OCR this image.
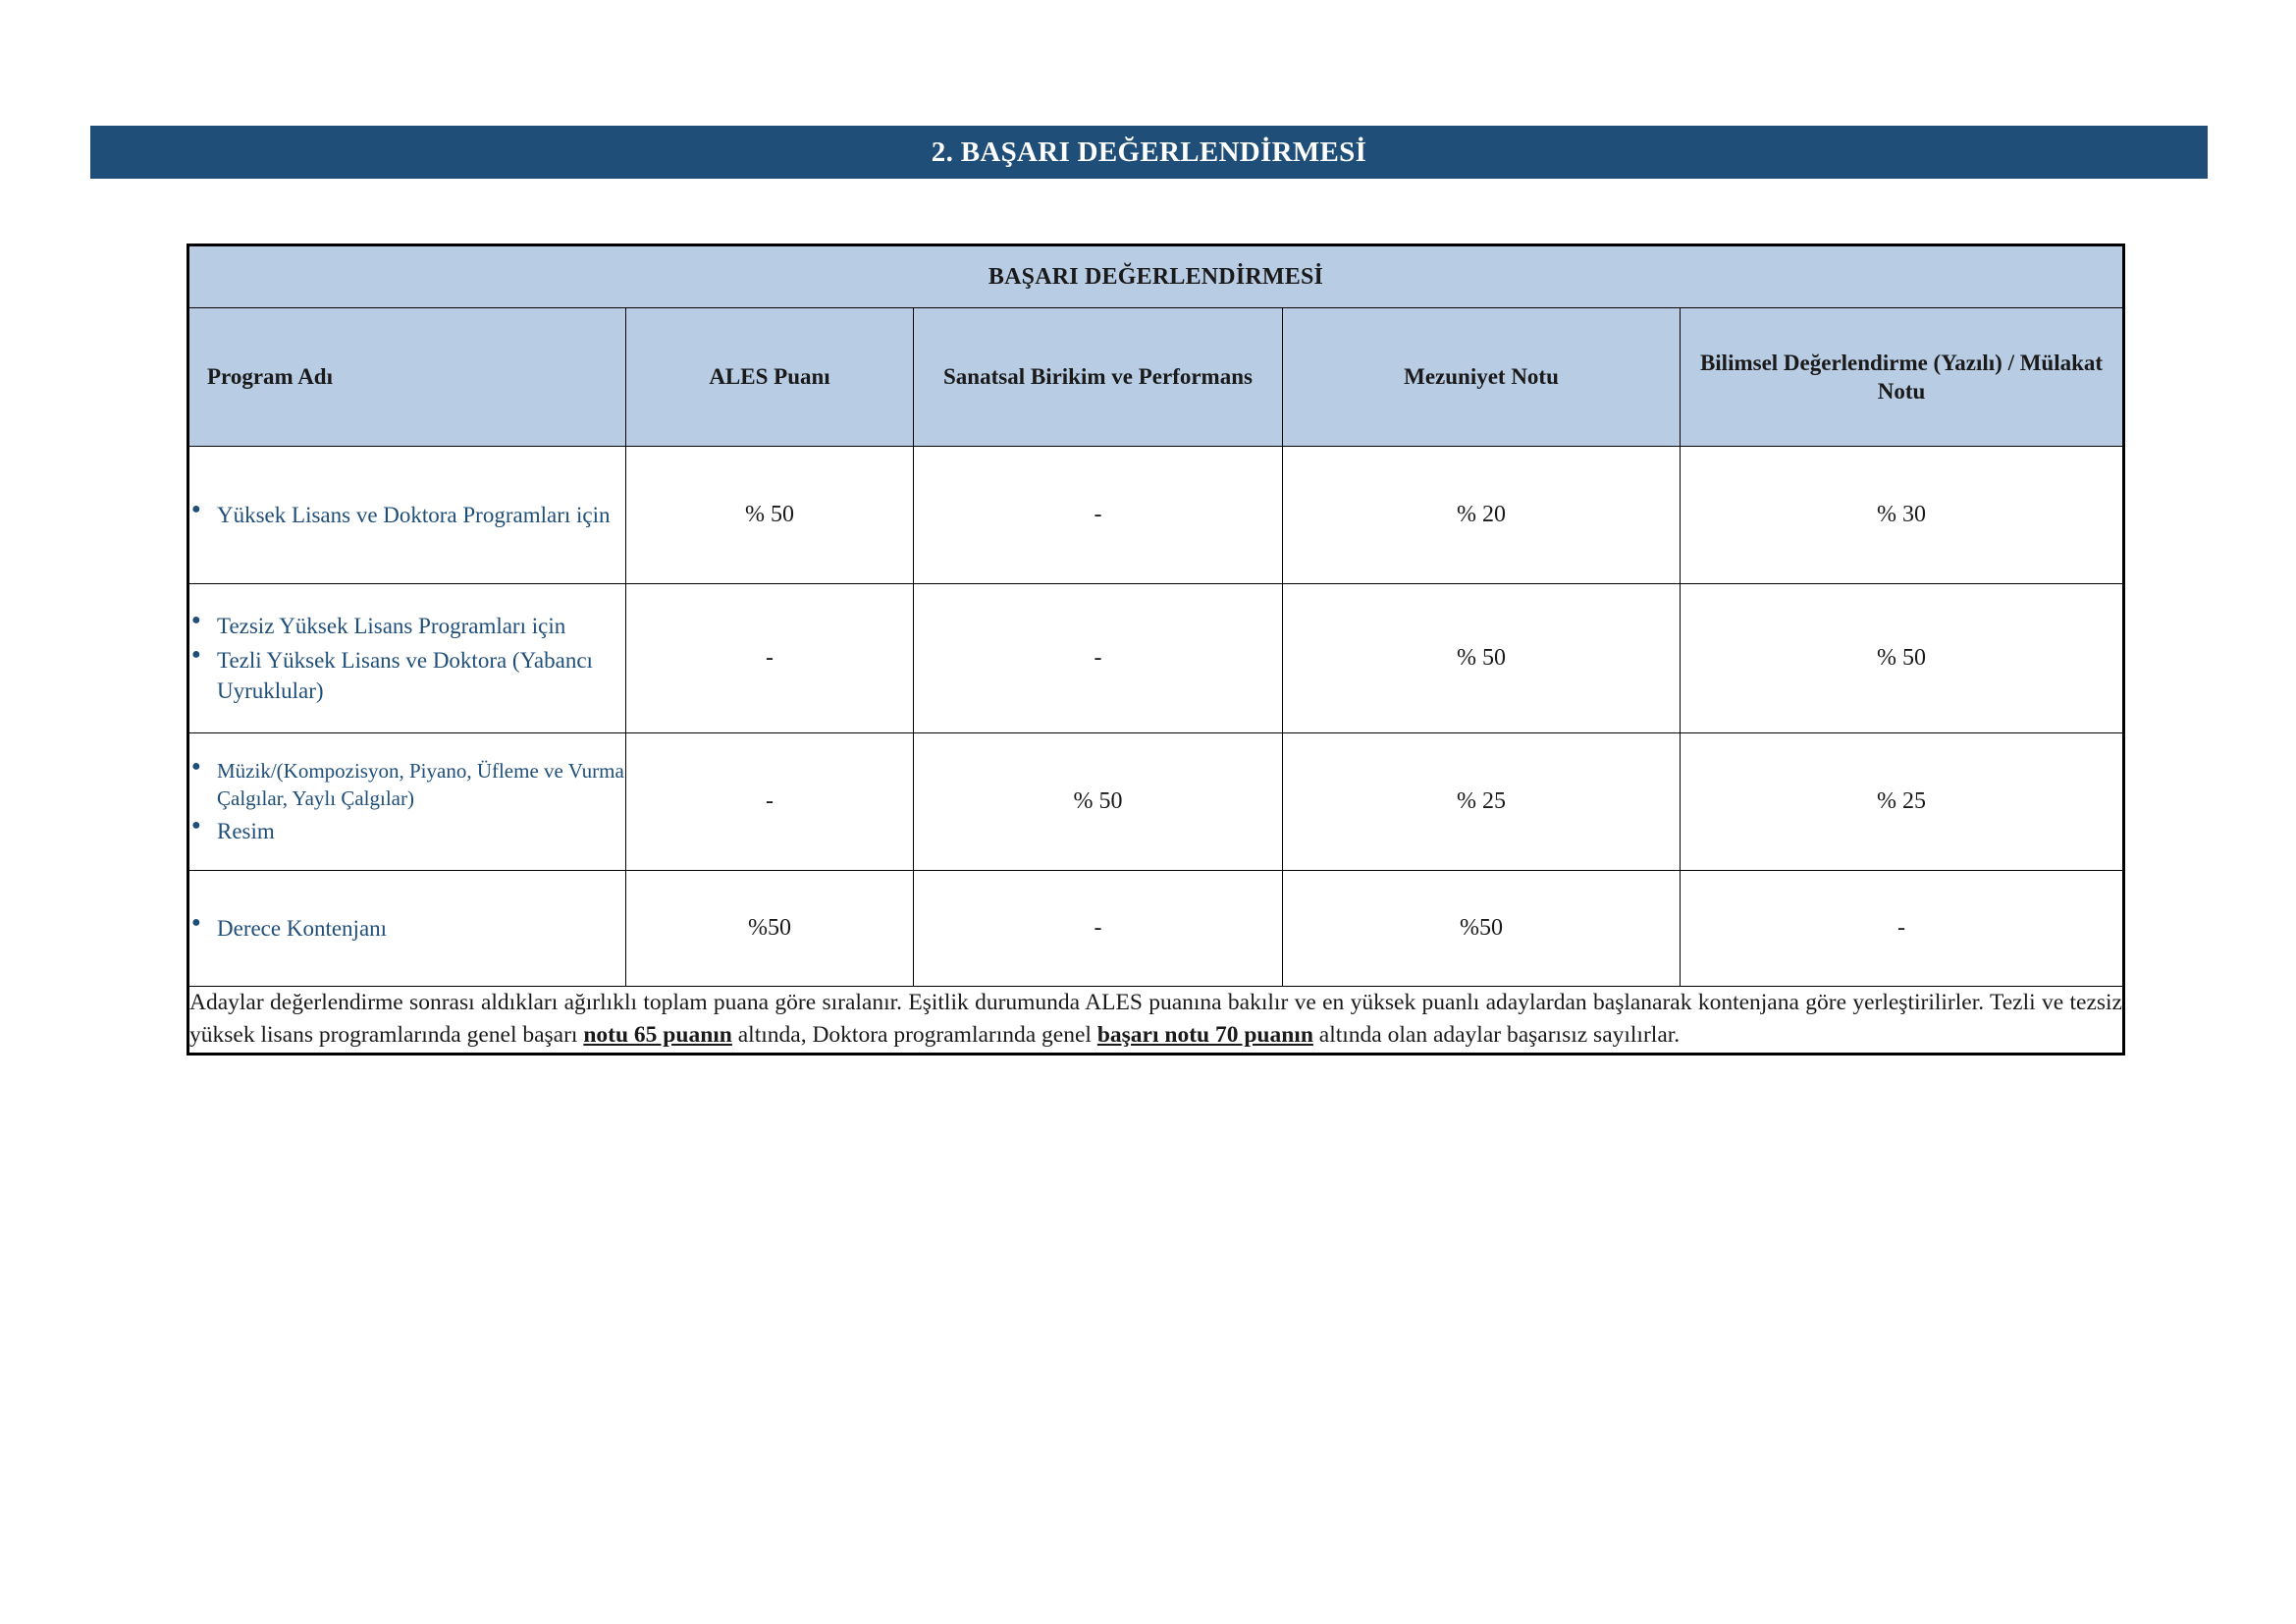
2. BAŞARI DEĞERLENDİRMESİ
BAŞARI DEĞERLENDİRMESİ				
Program Adı	ALES Puanı	Sanatsal Birikim ve Performans	Mezuniyet Notu	Bilimsel Değerlendirme (Yazılı) / Mülakat Notu

● Yüksek Lisans ve Doktora Programları için	% 50	-	% 20	% 30

● Tezsiz Yüksek Lisans Programları için
● Tezli Yüksek Lisans ve Doktora (Yabancı Uyruklular)
	-	-	% 50	% 50

● Müzik/(Kompozisyon, Piyano, Üfleme ve Vurma Çalgılar, Yaylı Çalgılar)
● Resim
	-	% 50	% 25	% 25

● Derece Kontenjanı	%50	-	%50	-
Adaylar değerlendirme sonrası aldıkları ağırlıklı toplam puana göre sıralanır. Eşitlik durumunda ALES puanına bakılır ve en yüksek puanlı adaylardan başlanarak kontenjana göre yerleştirilirler. Tezli ve tezsiz yüksek lisans programlarında genel başarı notu 65 puanın altında, Doktora programlarında genel başarı notu 70 puanın altında olan adaylar başarısız sayılırlar.				
